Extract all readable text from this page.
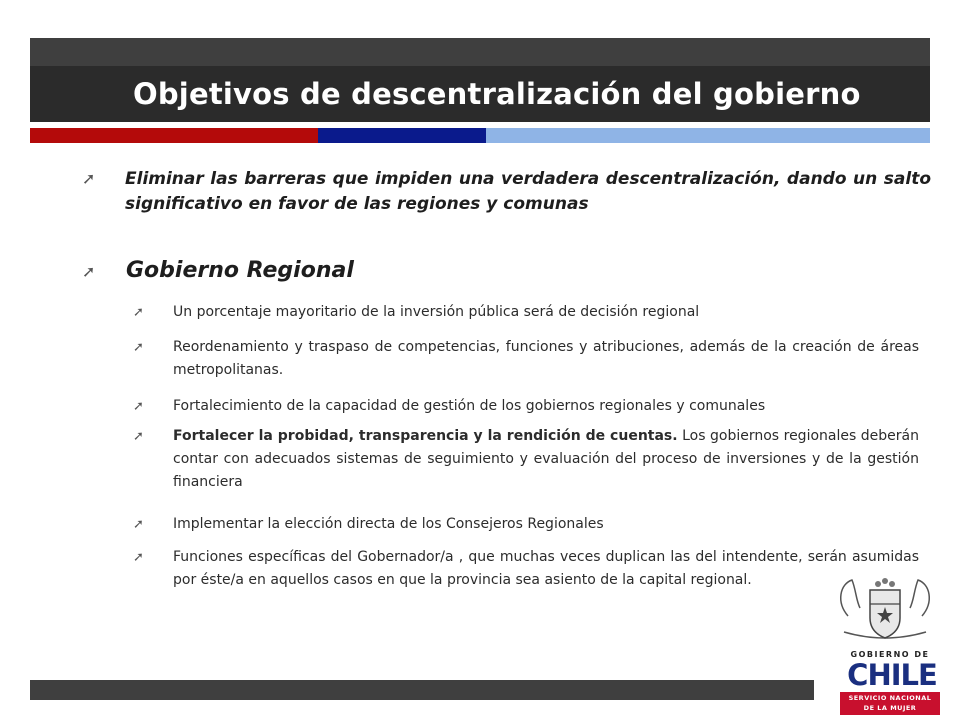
Objetivos de descentralización del gobierno
➚ Eliminar las barreras que impiden una verdadera descentralización, dando un salto significativo en favor de las regiones y comunas
➚ Gobierno Regional
➚ Un porcentaje mayoritario de la inversión pública será de decisión regional
➚ Reordenamiento y traspaso de competencias, funciones y atribuciones, además de la creación de áreas metropolitanas.
➚ Fortalecimiento de la capacidad de gestión de los gobiernos regionales y comunales
➚ Fortalecer la probidad, transparencia y la rendición de cuentas. Los gobiernos regionales deberán contar con adecuados sistemas de seguimiento y evaluación del proceso de inversiones y de la gestión financiera
➚ Implementar la elección directa de los Consejeros Regionales
➚ Funciones específicas del Gobernador/a , que muchas veces duplican las del intendente, serán asumidas por éste/a en aquellos casos en que la provincia sea asiento de la capital regional.
GOBIERNO DE
CHILE
SERVICIO NACIONAL
DE LA MUJER
